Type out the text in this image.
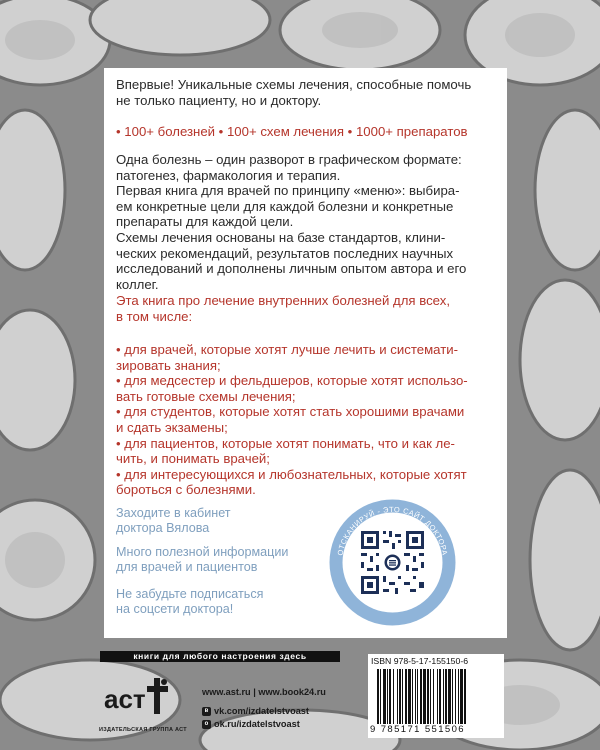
Впервые! Уникальные схемы лечения, способные помочь
не только пациенту, но и доктору.
• 100+ болезней • 100+ схем лечения • 1000+ препаратов
Одна болезнь – один разворот в графическом формате:
патогенез, фармакология и терапия.
Первая книга для врачей по принципу «меню»: выбира-
ем конкретные цели для каждой болезни и конкретные
препараты для каждой цели.
Схемы лечения основаны на базе стандартов, клини-
ческих рекомендаций, результатов последних научных
исследований и дополнены личным опытом автора и его
коллег.
Эта книга про лечение внутренних болезней для всех,
в том числе:
• для врачей, которые хотят лучше лечить и системати-
зировать знания;
• для медсестер и фельдшеров, которые хотят использо-
вать готовые схемы лечения;
• для студентов, которые хотят стать хорошими врачами
и сдать экзамены;
• для пациентов, которые хотят понимать, что и как ле-
чить, и понимать врачей;
• для интересующихся и любознательных, которые хотят
бороться с болезнями.
Заходите в кабинет
доктора Вялова
Много полезной информации
для врачей и пациентов
Не забудьте подписаться
на соцсети доктора!
ОТСКАНИРУЙ - ЭТО САЙТ ДОКТОРА
книги для любого настроения здесь
аст
ИЗДАТЕЛЬСКАЯ ГРУППА АСТ
www.ast.ru | www.book24.ru
в vk.com/izdatelstvoast
о ok.ru/izdatelstvoast
ISBN 978-5-17-155150-6
9 785171 551506
